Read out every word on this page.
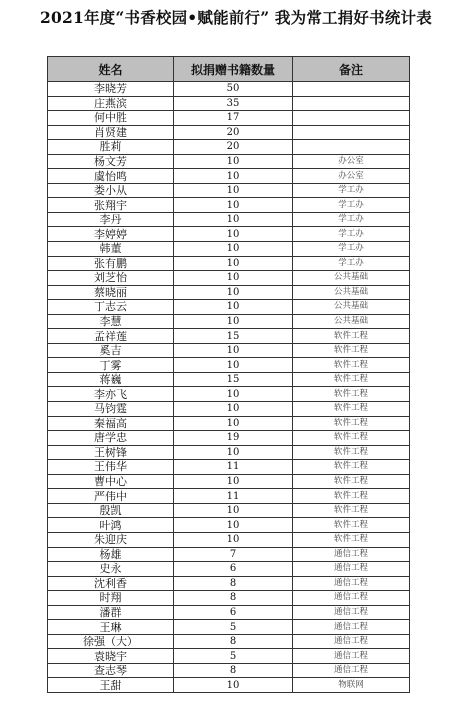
2021年度“书香校园•赋能前行” 我为常工捐好书统计表
姓名	拟捐赠书籍数量	备注
李晓芳	50	
庄燕滨	35	
何中胜	17	
肖贤建	20	
胜莉	20	
杨文芳	10	办公室
虞怡鸣	10	办公室
娄小从	10	学工办
张翔宇	10	学工办
李丹	10	学工办
李婷婷	10	学工办
韩董	10	学工办
张有鹏	10	学工办
刘芝怡	10	公共基础
蔡晓丽	10	公共基础
丁志云	10	公共基础
李慧	10	公共基础
孟祥莲	15	软件工程
奚吉	10	软件工程
丁雾	10	软件工程
蒋巍	15	软件工程
李亦飞	10	软件工程
马钧霆	10	软件工程
秦福高	10	软件工程
唐学忠	19	软件工程
王树锋	10	软件工程
王伟华	11	软件工程
曹中心	10	软件工程
严伟中	11	软件工程
殷凯	10	软件工程
叶鸿	10	软件工程
朱迎庆	10	软件工程
杨雄	7	通信工程
史永	6	通信工程
沈利香	8	通信工程
时翔	8	通信工程
潘群	6	通信工程
王琳	5	通信工程
徐强（大）	8	通信工程
袁晓宇	5	通信工程
查志琴	8	通信工程
王甜	10	物联网
